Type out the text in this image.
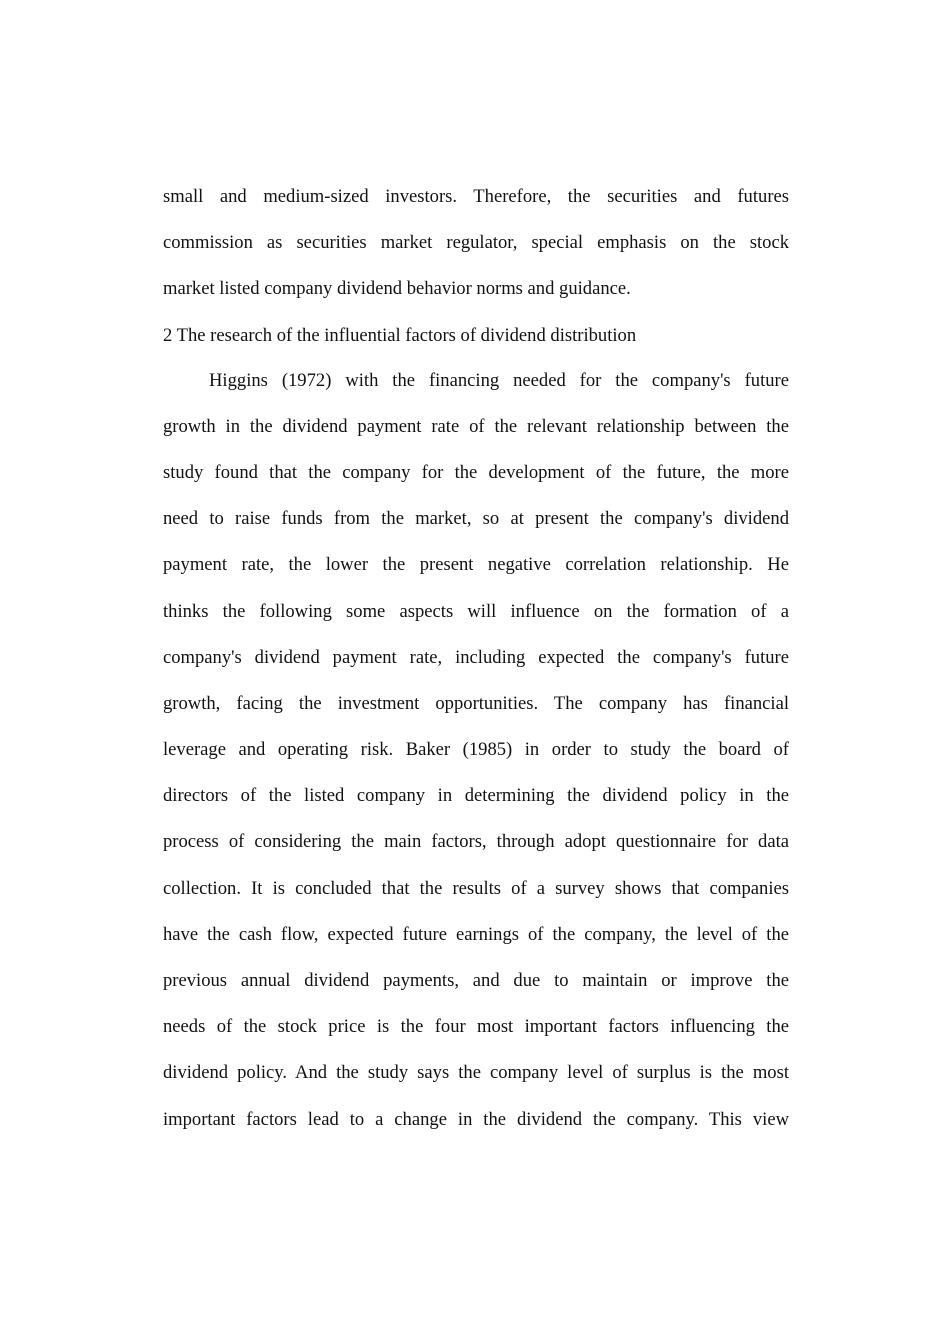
small and medium-sized investors. Therefore, the securities and futures
commission as securities market regulator, special emphasis on the stock
market listed company dividend behavior norms and guidance.
2 The research of the influential factors of dividend distribution
Higgins (1972) with the financing needed for the company's future
growth in the dividend payment rate of the relevant relationship between the
study found that the company for the development of the future, the more
need to raise funds from the market, so at present the company's dividend
payment rate, the lower the present negative correlation relationship. He
thinks the following some aspects will influence on the formation of a
company's dividend payment rate, including expected the company's future
growth, facing the investment opportunities. The company has financial
leverage and operating risk. Baker (1985) in order to study the board of
directors of the listed company in determining the dividend policy in the
process of considering the main factors, through adopt questionnaire for data
collection. It is concluded that the results of a survey shows that companies
have the cash flow, expected future earnings of the company, the level of the
previous annual dividend payments, and due to maintain or improve the
needs of the stock price is the four most important factors influencing the
dividend policy. And the study says the company level of surplus is the most
important factors lead to a change in the dividend the company. This view
